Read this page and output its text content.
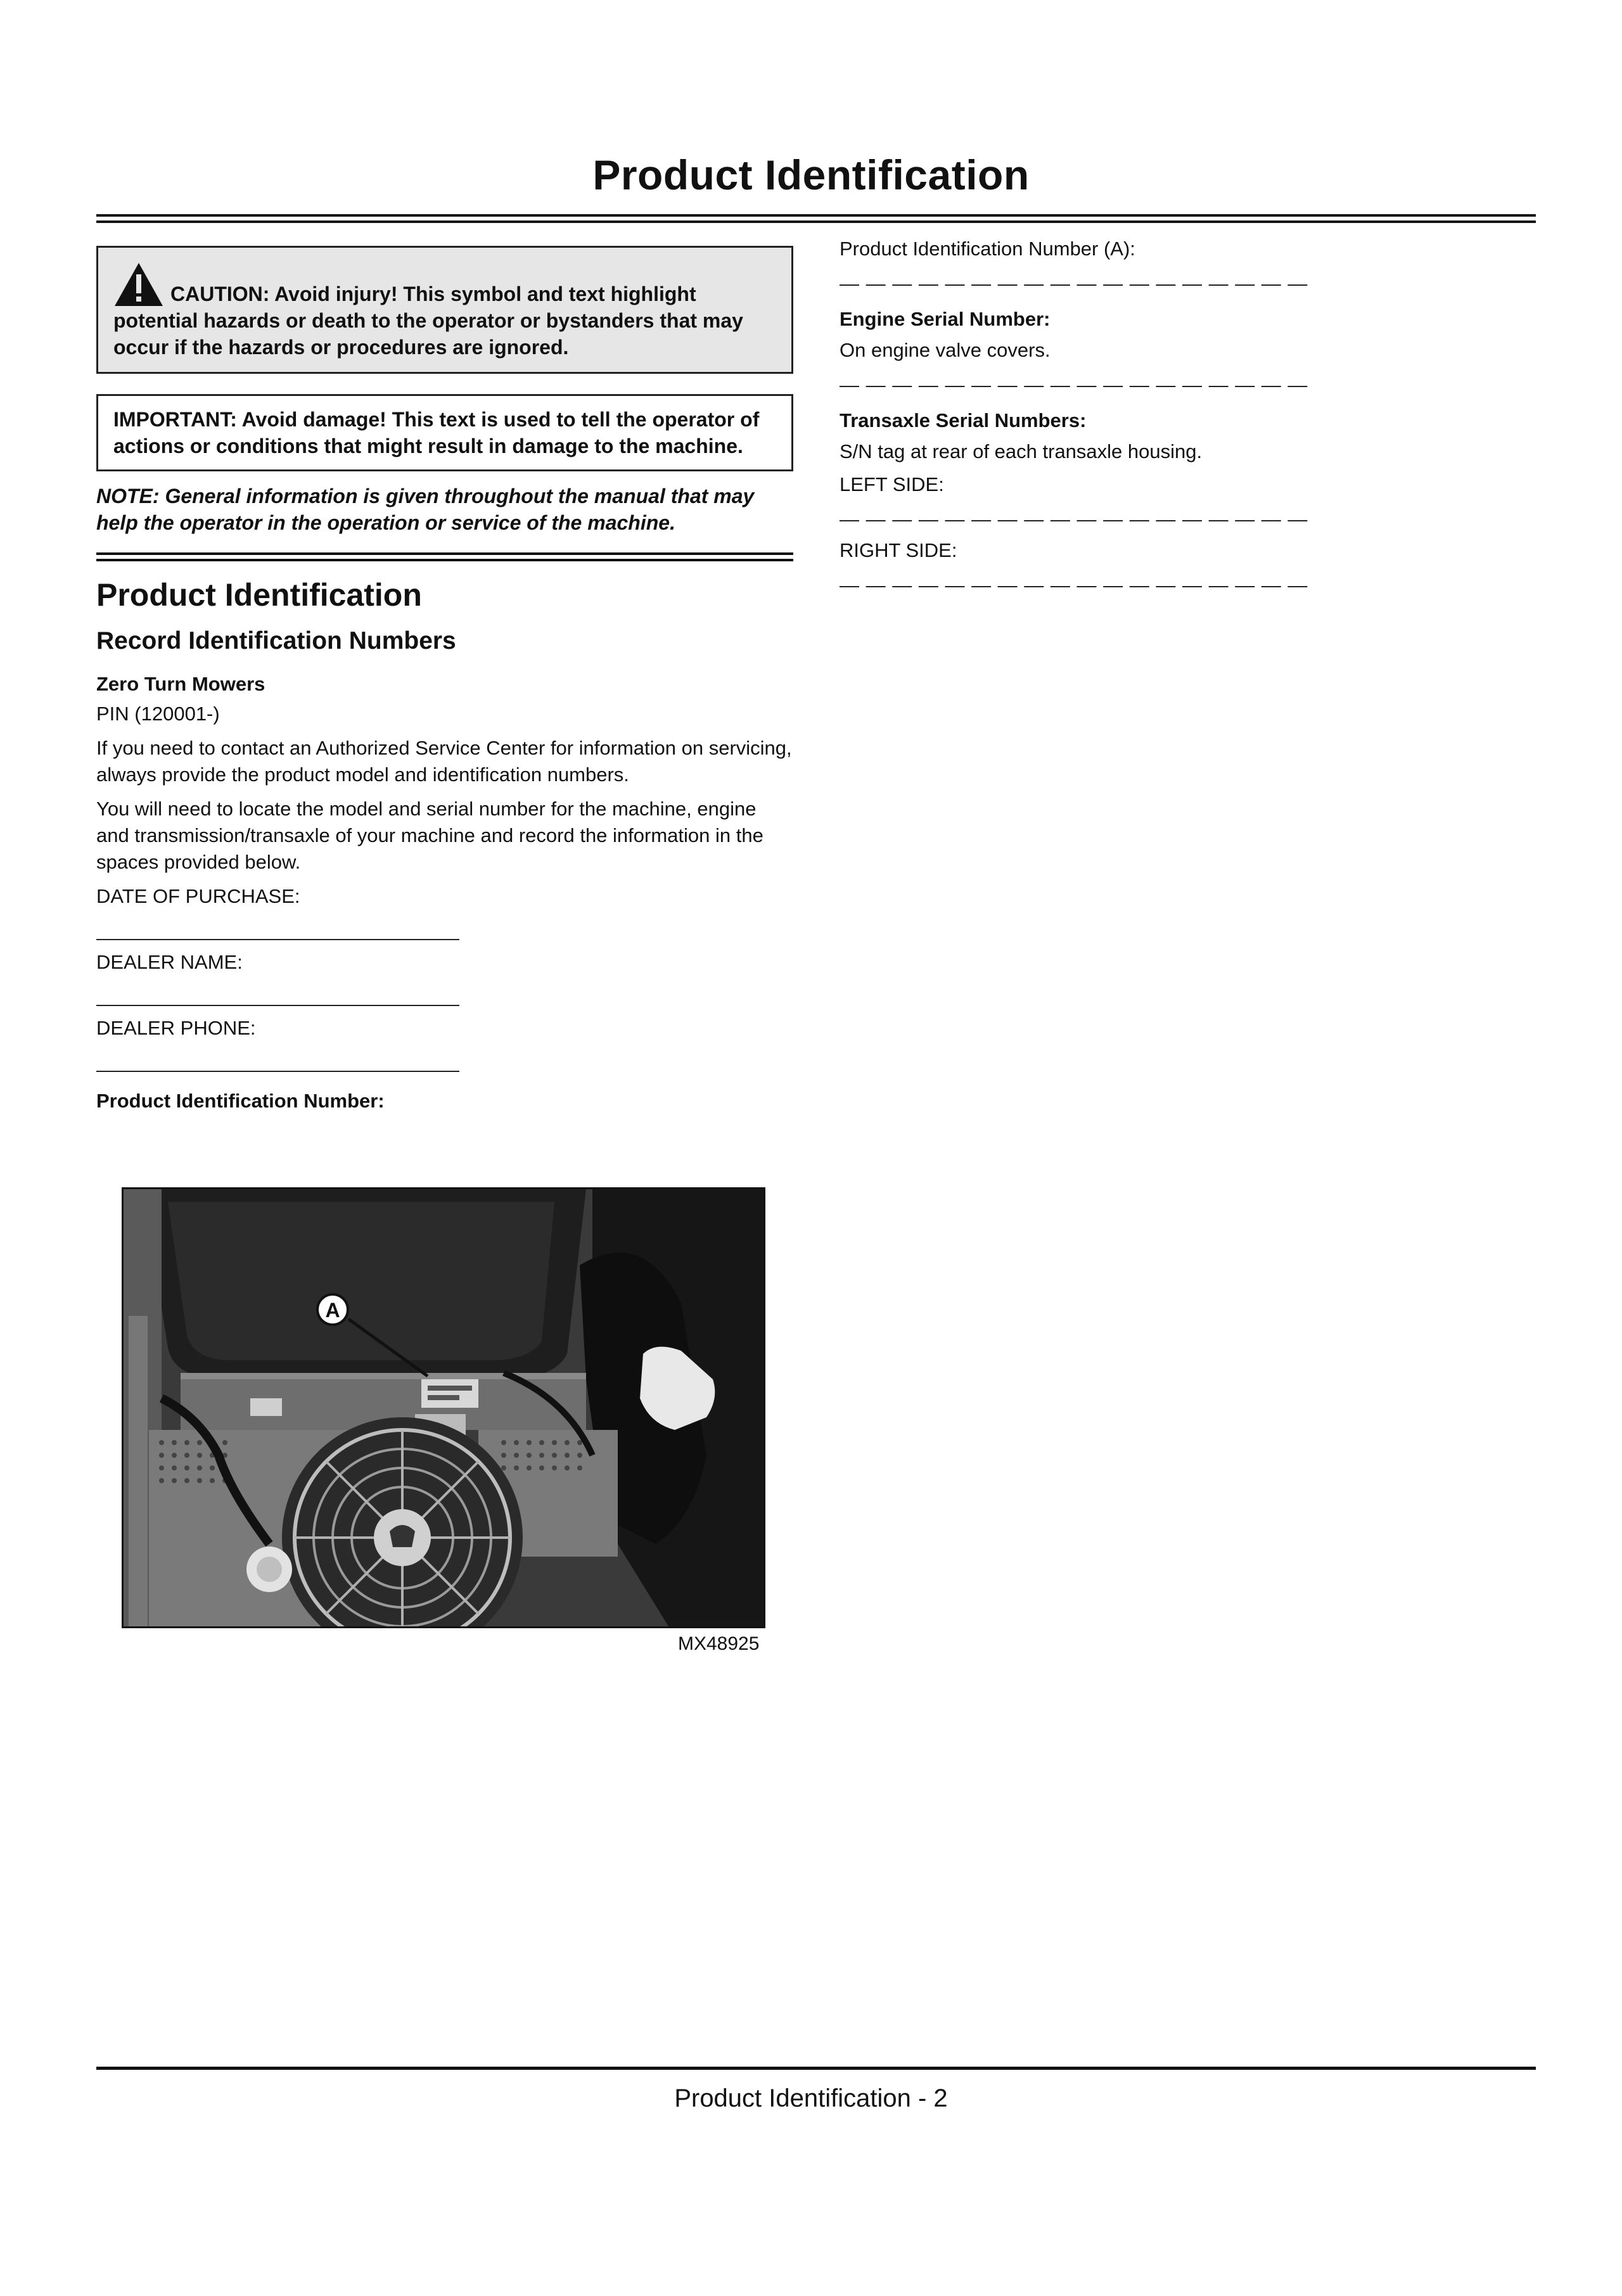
Product Identification
CAUTION: Avoid injury! This symbol and text highlight potential hazards or death to the operator or bystanders that may occur if the hazards or procedures are ignored.
IMPORTANT: Avoid damage! This text is used to tell the operator of actions or conditions that might result in damage to the machine.
NOTE: General information is given throughout the manual that may help the operator in the operation or service of the machine.
Product Identification
Record Identification Numbers
Zero Turn Mowers
PIN (120001-)
If you need to contact an Authorized Service Center for information on servicing, always provide the product model and identification numbers.
You will need to locate the model and serial number for the machine, engine and transmission/transaxle of your machine and record the information in the spaces provided below.
DATE OF PURCHASE:
________________________________________
DEALER NAME:
________________________________________
DEALER PHONE:
________________________________________
Product Identification Number:
A
MX48925
Product Identification Number (A):
— — — — — — — — — — — — — — — — — —
Engine Serial Number:
On engine valve covers.
— — — — — — — — — — — — — — — — — —
Transaxle Serial Numbers:
S/N tag at rear of each transaxle housing.
LEFT SIDE:
— — — — — — — — — — — — — — — — — —
RIGHT SIDE:
— — — — — — — — — — — — — — — — — —
Product Identification - 2
